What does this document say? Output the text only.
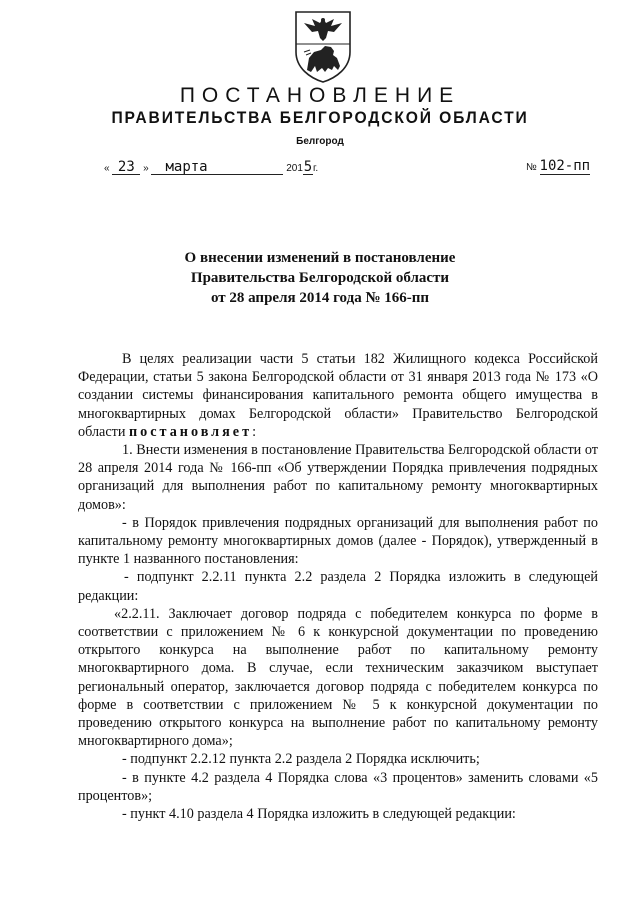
ПОСТАНОВЛЕНИЕ
ПРАВИТЕЛЬСТВА БЕЛГОРОДСКОЙ ОБЛАСТИ
Белгород
« 23 » марта	2015г.	№ 102-пп
О внесении изменений в постановление
Правительства Белгородской области
от 28 апреля 2014 года № 166-пп

В целях реализации части 5 статьи 182 Жилищного кодекса Российской Федерации, статьи 5 закона Белгородской области от 31 января 2013 года № 173 «О создании системы финансирования капитального ремонта общего имущества в многоквартирных домах Белгородской области» Правительство Белгородской области постановляет:

1. Внести изменения в постановление Правительства Белгородской области от 28 апреля 2014 года № 166-пп «Об утверждении Порядка привлечения подрядных организаций для выполнения работ по капитальному ремонту многоквартирных домов»:

- в Порядок привлечения подрядных организаций для выполнения работ по капитальному ремонту многоквартирных домов (далее - Порядок), утвержденный в пункте 1 названного постановления:

- подпункт 2.2.11 пункта 2.2 раздела 2 Порядка изложить в следующей редакции:

«2.2.11. Заключает договор подряда с победителем конкурса по форме в соответствии с приложением № 6 к конкурсной документации по проведению открытого конкурса на выполнение работ по капитальному ремонту многоквартирного дома. В случае, если техническим заказчиком выступает региональный оператор, заключается договор подряда с победителем конкурса по форме в соответствии с приложением № 5 к конкурсной документации по проведению открытого конкурса на выполнение работ по капитальному ремонту многоквартирного дома»;

- подпункт 2.2.12 пункта 2.2 раздела 2 Порядка исключить;

- в пункте 4.2 раздела 4 Порядка слова «3 процентов» заменить словами «5 процентов»;

- пункт 4.10 раздела 4 Порядка изложить в следующей редакции:
